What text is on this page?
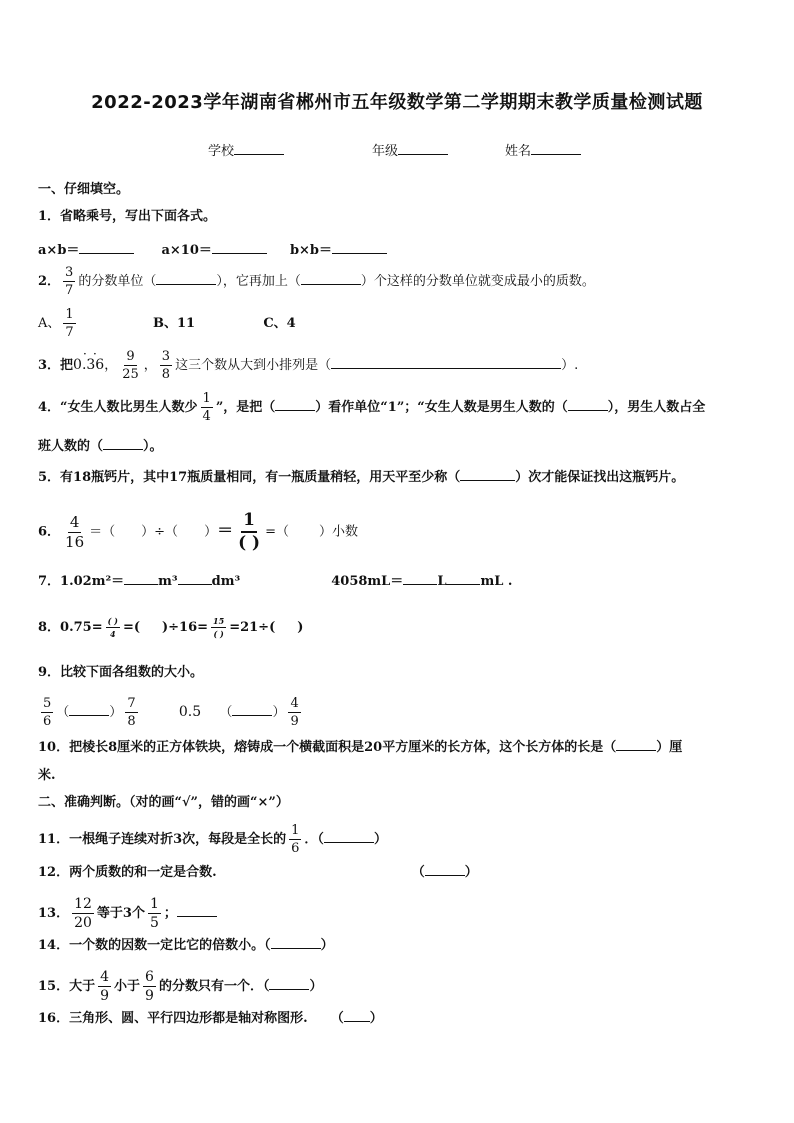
2022-2023学年湖南省郴州市五年级数学第二学期期末教学质量检测试题
学校	年级	姓名
一、仔细填空。
1．省略乘号，写出下面各式。
a×b＝	a×10＝	b×b＝
2． $\frac{3}{7}$ 的分数单位（	），它再加上（	）个这样的分数单位就变成最小的质数。
A、 $\frac{1}{7}$	B、11	C、4
3．把0.36
· ·
， $\frac{9}{25}$ ， $\frac{3}{8}$ 这三个数从大到小排列是（	）.
4．“女生人数比男生人数少 $\frac{1}{4}$ ”，是把（	）看作单位“1”；“女生人数是男生人数的（	），男生人数占全
班人数的（	）。
5．有18瓶钙片，其中17瓶质量相同，有一瓶质量稍轻，用天平至少称（	）次才能保证找出这瓶钙片。
6． $\frac{4}{16}$ ＝（ ）÷（ ）＝ $\frac{1}{( )}$ =（ ）小数
7．1.02m²＝	m³	dm³	4058mL＝	L	mL .
8．$0.75= \frac{( )}{4}$ =( )$\div 16= \frac{15}{( )} =21\div$( )
9．比较下面各组数的大小。
$\frac{5}{6}$ （	） $\frac{7}{8}$	0.5 （	） $\frac{4}{9}$
10．把棱长8厘米的正方体铁块，熔铸成一个横截面积是20平方厘米的长方体，这个长方体的长是（	）厘
米.
二、准确判断。（对的画“√”，错的画“×”）
11．一根绳子连续对折3次，每段是全长的 $\frac{1}{6}$ ．（	）
12．两个质数的和一定是合数.	（	）
13． $\frac{12}{20}$ 等于3个 $\frac{1}{5}$ ；
14．一个数的因数一定比它的倍数小。（	）
15．大于 $\frac{4}{9}$ 小于 $\frac{6}{9}$ 的分数只有一个．（	）
16．三角形、圆、平行四边形都是轴对称图形. （ ）
